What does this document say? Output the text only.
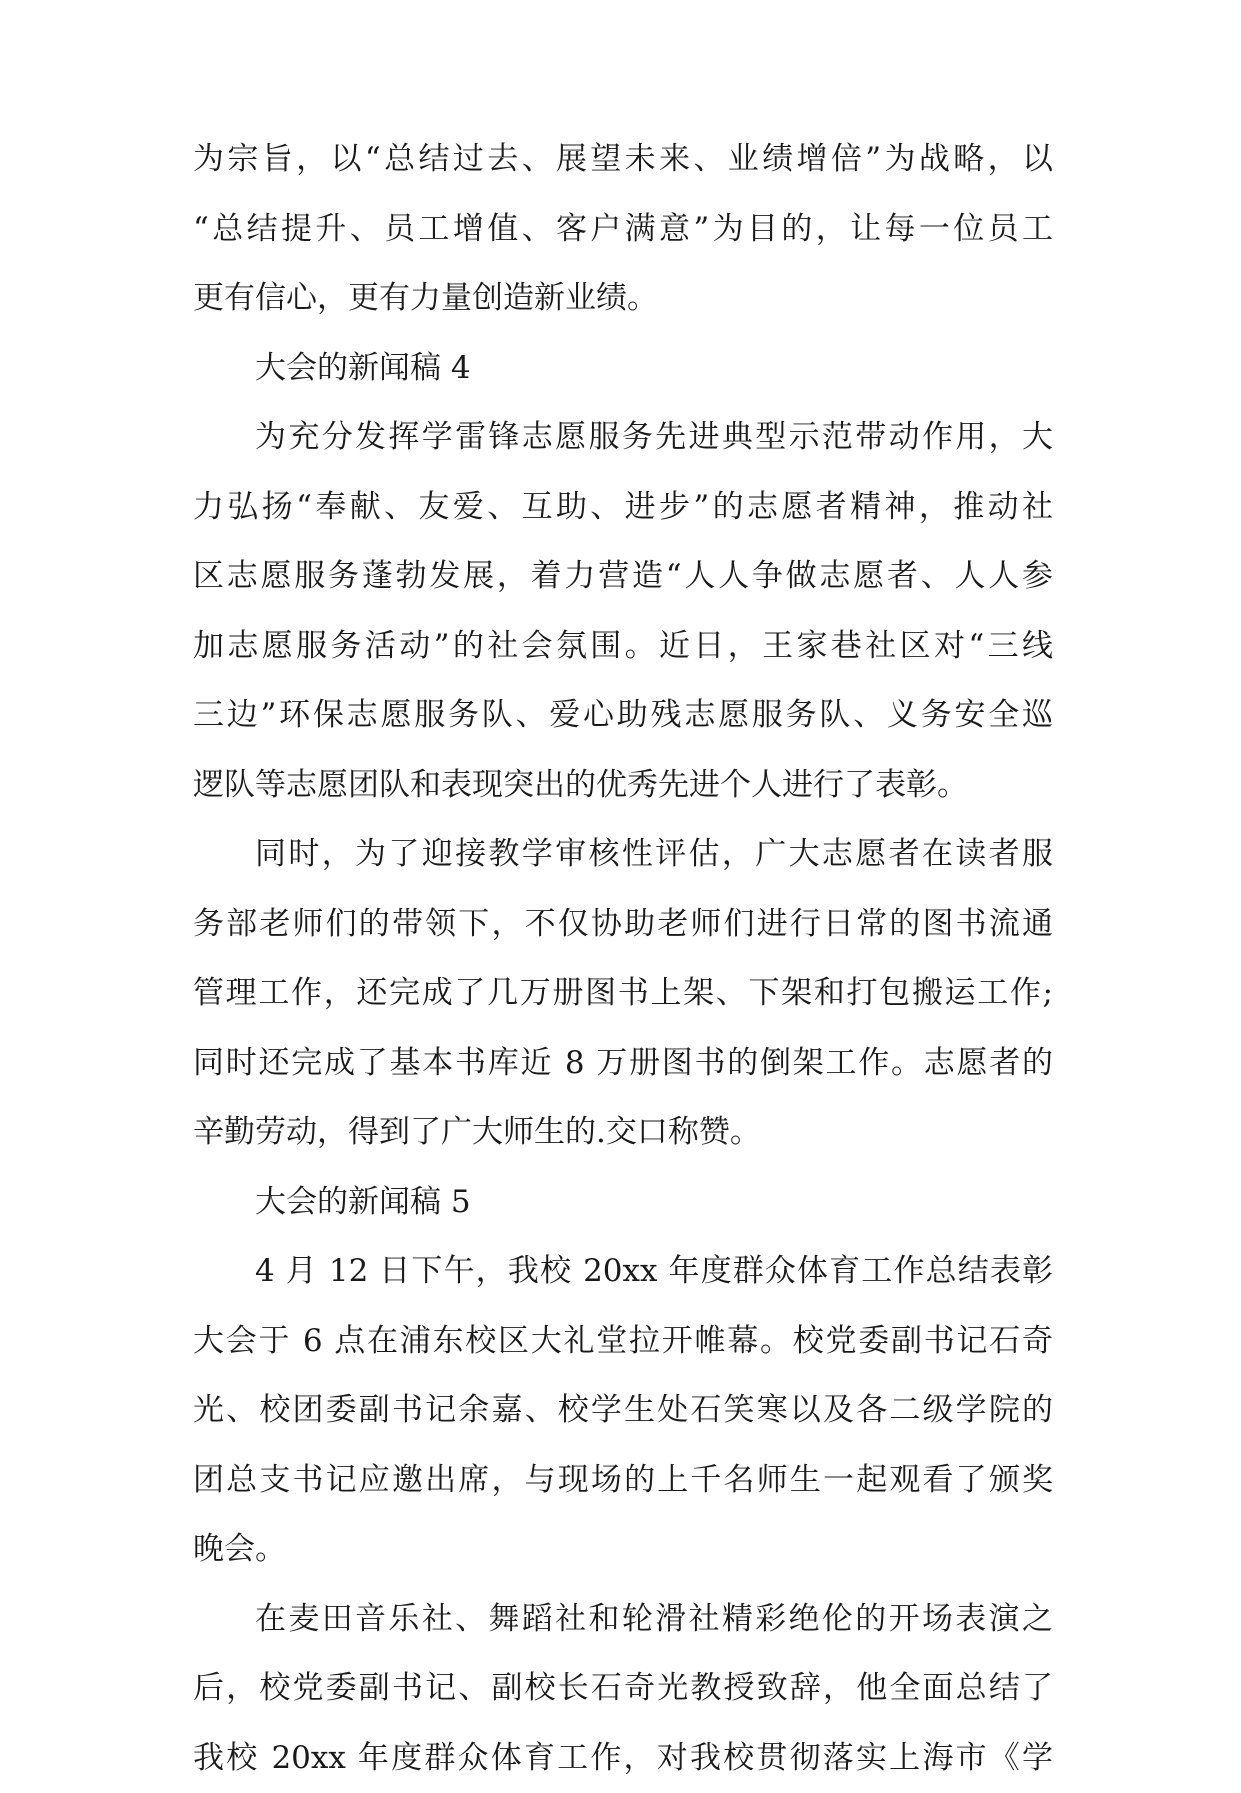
为宗旨，以“总结过去、展望未来、业绩增倍”为战略，以
“总结提升、员工增值、客户满意”为目的，让每一位员工
更有信心，更有力量创造新业绩。
大会的新闻稿 4
为充分发挥学雷锋志愿服务先进典型示范带动作用，大
力弘扬“奉献、友爱、互助、进步”的志愿者精神，推动社
区志愿服务蓬勃发展，着力营造“人人争做志愿者、人人参
加志愿服务活动”的社会氛围。近日，王家巷社区对“三线
三边”环保志愿服务队、爱心助残志愿服务队、义务安全巡
逻队等志愿团队和表现突出的优秀先进个人进行了表彰。
同时，为了迎接教学审核性评估，广大志愿者在读者服
务部老师们的带领下，不仅协助老师们进行日常的图书流通
管理工作，还完成了几万册图书上架、下架和打包搬运工作;
同时还完成了基本书库近 8 万册图书的倒架工作。志愿者的
辛勤劳动，得到了广大师生的.交口称赞。
大会的新闻稿 5
4 月 12 日下午，我校 20xx 年度群众体育工作总结表彰
大会于 6 点在浦东校区大礼堂拉开帷幕。校党委副书记石奇
光、校团委副书记余嘉、校学生处石笑寒以及各二级学院的
团总支书记应邀出席，与现场的上千名师生一起观看了颁奖
晚会。
在麦田音乐社、舞蹈社和轮滑社精彩绝伦的开场表演之
后，校党委副书记、副校长石奇光教授致辞，他全面总结了
我校 20xx 年度群众体育工作，对我校贯彻落实上海市《学
